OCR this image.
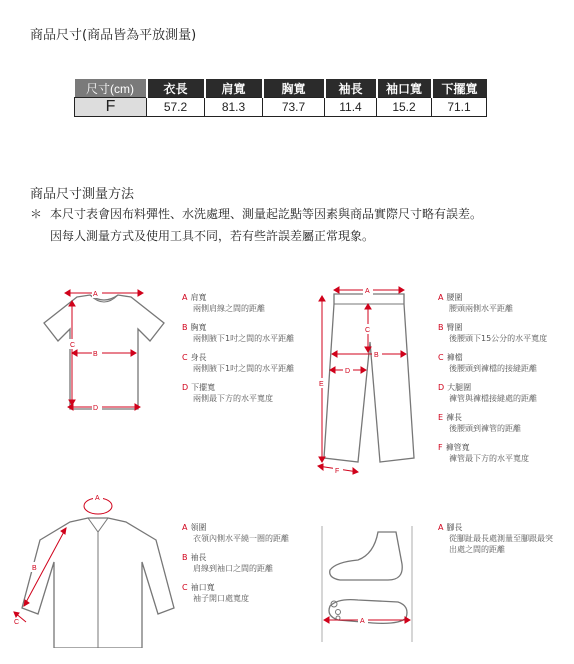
商品尺寸(商品皆為平放測量)
尺寸(cm)	衣長	肩寬	胸寬	袖長	袖口寬	下擺寬
F	57.2	81.3	73.7	11.4	15.2	71.1
商品尺寸測量方法
＊ 本尺寸表會因布料彈性、水洗處理、測量起訖點等因素與商品實際尺寸略有誤差。
因每人測量方式及使用工具不同，若有些許誤差屬正常現象。
A
B
C
D
A 肩寬
兩側肩線之間的距離
B 胸寬
兩側腋下1吋之間的水平距離
C 身長
兩側腋下1吋之間的水平距離
D 下擺寬
兩側最下方的水平寬度
A
B
C
D
E
F
A 腰圍
腰頭兩側水平距離
B 臀圍
後腰頭下15公分的水平寬度
C 褲檔
後腰頭到褲檔的接縫距離
D 大腿圍
褲管與褲檔接縫處的距離
E 褲長
後腰頭到褲管的距離
F 褲管寬
褲管最下方的水平寬度
A
B
C
A 領圍
衣領內側水平繞一圈的距離
B 袖長
肩線到袖口之間的距離
C 袖口寬
袖子開口處寬度
A
A 腳長
從腳趾最長處測量至腳跟最突出處之間的距離
